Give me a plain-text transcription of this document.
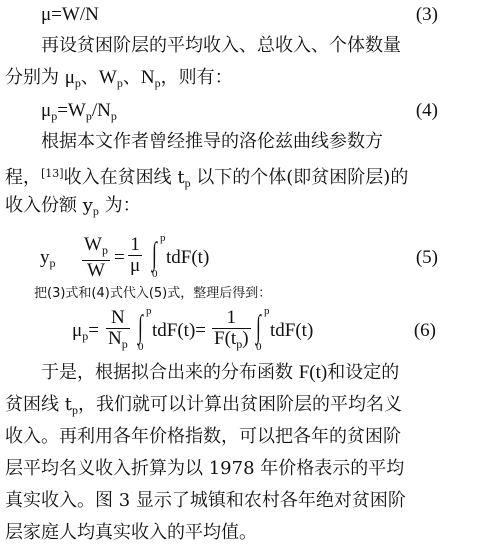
μ=W/N	(3)
再设贫困阶层的平均收入、总收入、个体数量
分别为 $\mu_p$、$W_p$、$N_p$，则有：
$\mu_p=W_p/N_p$	(4)
根据本文作者曾经推导的洛伦兹曲线参数方
程，[13]收入在贫困线 $t_p$ 以下的个体(即贫困阶层)的
收入份额 $y_p$ 为：
$y_p \frac{W_p}{W} = \frac{1}{\mu}$ ∫ p
0
tdF(t)	(5)
把(3)式和(4)式代入(5)式，整理后得到：
$\mu_p= \frac{N}{N_p}$ ∫ p
0
$tdF(t)= \frac{1}{F(t_p)}$ ∫ p
0
tdF(t)	(6)
于是，根据拟合出来的分布函数 F(t)和设定的
贫困线 $t_p$，我们就可以计算出贫困阶层的平均名义
收入。再利用各年价格指数，可以把各年的贫困阶
层平均名义收入折算为以 1978 年价格表示的平均
真实收入。图 3 显示了城镇和农村各年绝对贫困阶
层家庭人均真实收入的平均值。
